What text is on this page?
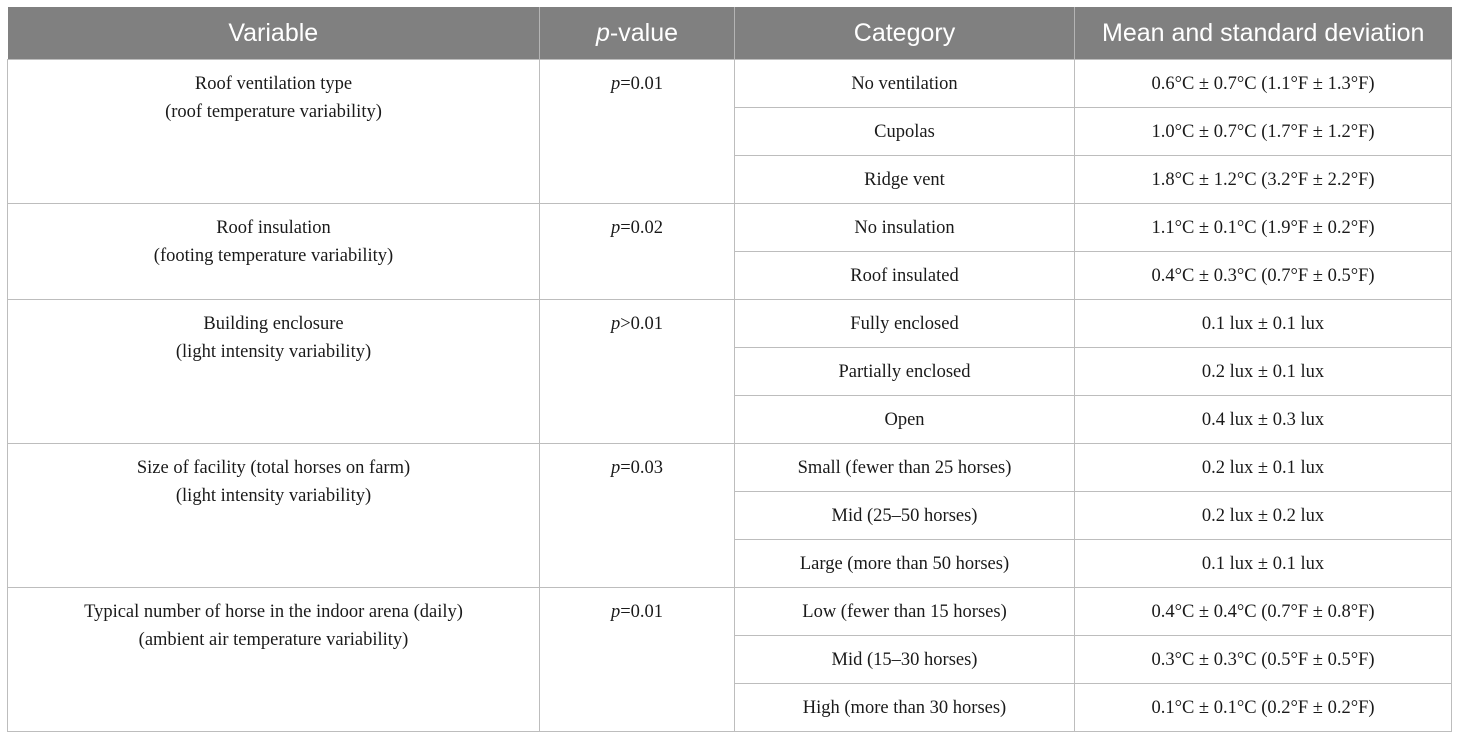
Variable	p-value	Category	Mean and standard deviation

Roof ventilation type
(roof temperature variability)	p=0.01	No ventilation	0.6°C ± 0.7°C (1.1°F ± 1.3°F)
		Cupolas	1.0°C ± 0.7°C (1.7°F ± 1.2°F)
		Ridge vent	1.8°C ± 1.2°C (3.2°F ± 2.2°F)

Roof insulation
(footing temperature variability)	p=0.02	No insulation	1.1°C ± 0.1°C (1.9°F ± 0.2°F)
		Roof insulated	0.4°C ± 0.3°C (0.7°F ± 0.5°F)

Building enclosure
(light intensity variability)	p>0.01	Fully enclosed	0.1 lux ± 0.1 lux
		Partially enclosed	0.2 lux ± 0.1 lux
		Open	0.4 lux ± 0.3 lux

Size of facility (total horses on farm)
(light intensity variability)	p=0.03	Small (fewer than 25 horses)	0.2 lux ± 0.1 lux
		Mid (25–50 horses)	0.2 lux ± 0.2 lux
		Large (more than 50 horses)	0.1 lux ± 0.1 lux

Typical number of horse in the indoor arena (daily)
(ambient air temperature variability)	p=0.01	Low (fewer than 15 horses)	0.4°C ± 0.4°C (0.7°F ± 0.8°F)
		Mid (15–30 horses)	0.3°C ± 0.3°C (0.5°F ± 0.5°F)
		High (more than 30 horses)	0.1°C ± 0.1°C (0.2°F ± 0.2°F)
